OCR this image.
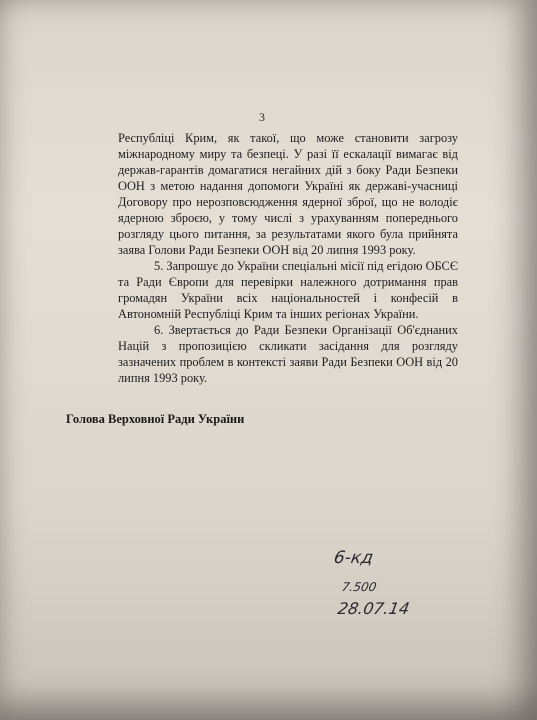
3

Республіці Крим, як такої, що може становити загрозу міжнародному миру та безпеці. У разі її ескалації вимагає від держав-гарантів домагатися негайних дій з боку Ради Безпеки ООН з метою надання допомоги Україні як державі-учасниці Договору про нерозповсюдження ядерної зброї, що не володіє ядерною зброєю, у тому числі з урахуванням попереднього розгляду цього питання, за результатами якого була прийнята заява Голови Ради Безпеки ООН від 20 липня 1993 року.

5. Запрошує до України спеціальні місії під егідою ОБСЄ та Ради Європи для перевірки належного дотримання прав громадян України всіх національностей і конфесій в Автономній Республіці Крим та інших регіонах України.

6. Звертається до Ради Безпеки Організації Об'єднаних Націй з пропозицією скликати засідання для розгляду зазначених проблем в контексті заяви Ради Безпеки ООН від 20 липня 1993 року.

Голова Верховної Ради України
6-кд
7.500
28.07.14
